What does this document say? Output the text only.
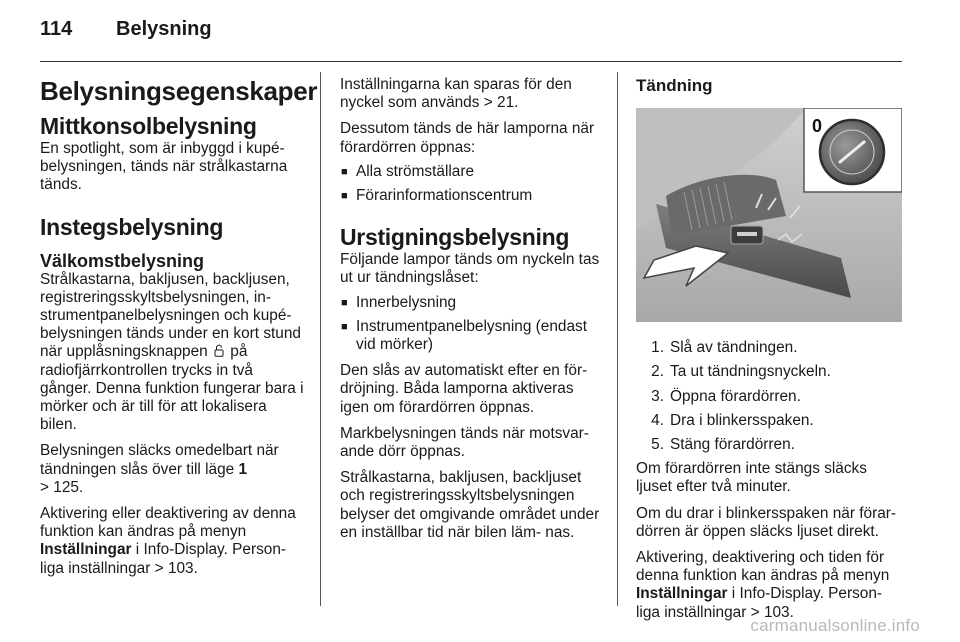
114	Belysning
Belysningsegenskaper
Mittkonsolbelysning

En spotlight, som är inbyggd i kupé- belysningen, tänds när strålkastarna tänds.

Instegsbelysning
Välkomstbelysning

Strålkastarna, bakljusen, backljusen, registreringsskyltsbelysningen, in- strumentpanelbelysningen och kupé- belysningen tänds under en kort stund när upplåsningsknappen på radiofjärrkontrollen trycks in två gånger. Denna funktion fungerar bara i mörker och är till för att lokalisera bilen.

Belysningen släcks omedelbart när tändningen slås över till läge 1
> 125.

Aktivering eller deaktivering av denna funktion kan ändras på menyn Inställningar i Info-Display. Person- liga inställningar > 103.

Inställningarna kan sparas för den nyckel som används > 21.

Dessutom tänds de här lamporna när förardörren öppnas:

■ Alla strömställare
■ Förarinformationscentrum
Urstigningsbelysning

Följande lampor tänds om nyckeln tas ut ur tändningslåset:

■ Innerbelysning
■ Instrumentpanelbelysning (endast vid mörker)

Den slås av automatiskt efter en för- dröjning. Båda lamporna aktiveras igen om förardörren öppnas.

Markbelysningen tänds när motsvar- ande dörr öppnas.

Strålkastarna, bakljusen, backljuset och registreringsskyltsbelysningen belyser det omgivande området under en inställbar tid när bilen läm- nas.

Tändning
0
1. Slå av tändningen.
2. Ta ut tändningsnyckeln.
3. Öppna förardörren.
4. Dra i blinkersspaken.
5. Stäng förardörren.

Om förardörren inte stängs släcks ljuset efter två minuter.

Om du drar i blinkersspaken när förar- dörren är öppen släcks ljuset direkt.

Aktivering, deaktivering och tiden för denna funktion kan ändras på menyn Inställningar i Info-Display. Person- liga inställningar > 103.

carmanualsonline.info
